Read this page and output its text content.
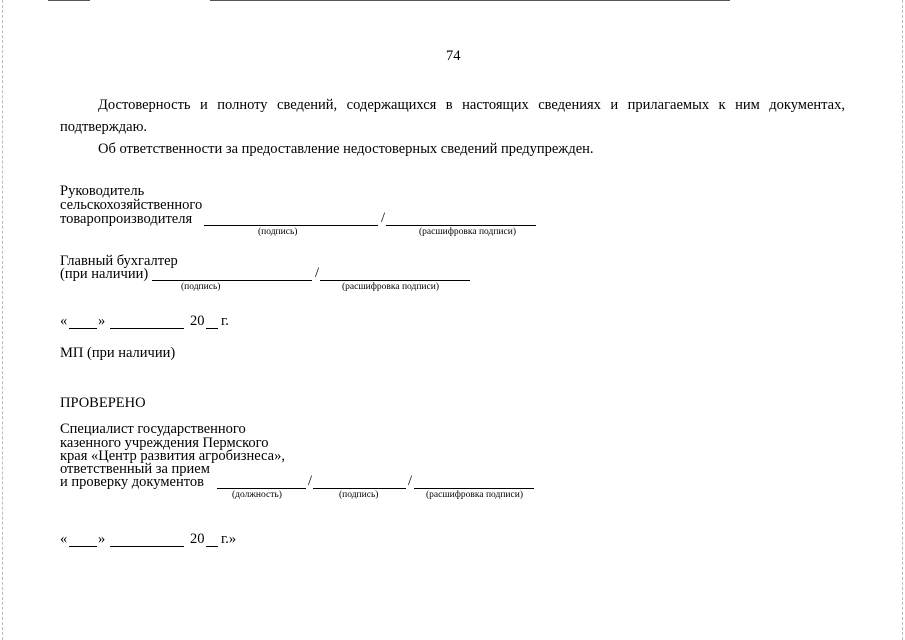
74
Достоверность и полноту сведений, содержащихся в настоящих сведениях и прилагаемых к ним документах,
подтверждаю.
Об ответственности за предоставление недостоверных сведений предупрежден.
Руководитель
сельскохозяйственного
товаропроизводителя	/
(подпись)	(расшифровка подписи)
Главный бухгалтер
(при наличии)	/
(подпись)	(расшифровка подписи)
« »	20 г.
МП (при наличии)
ПРОВЕРЕНО
Специалист государственного
казенного учреждения Пермского
края «Центр развития агробизнеса»,
ответственный за прием
и проверку документов	/	/
(должность)	(подпись)	(расшифровка подписи)
« »	20 г.»
